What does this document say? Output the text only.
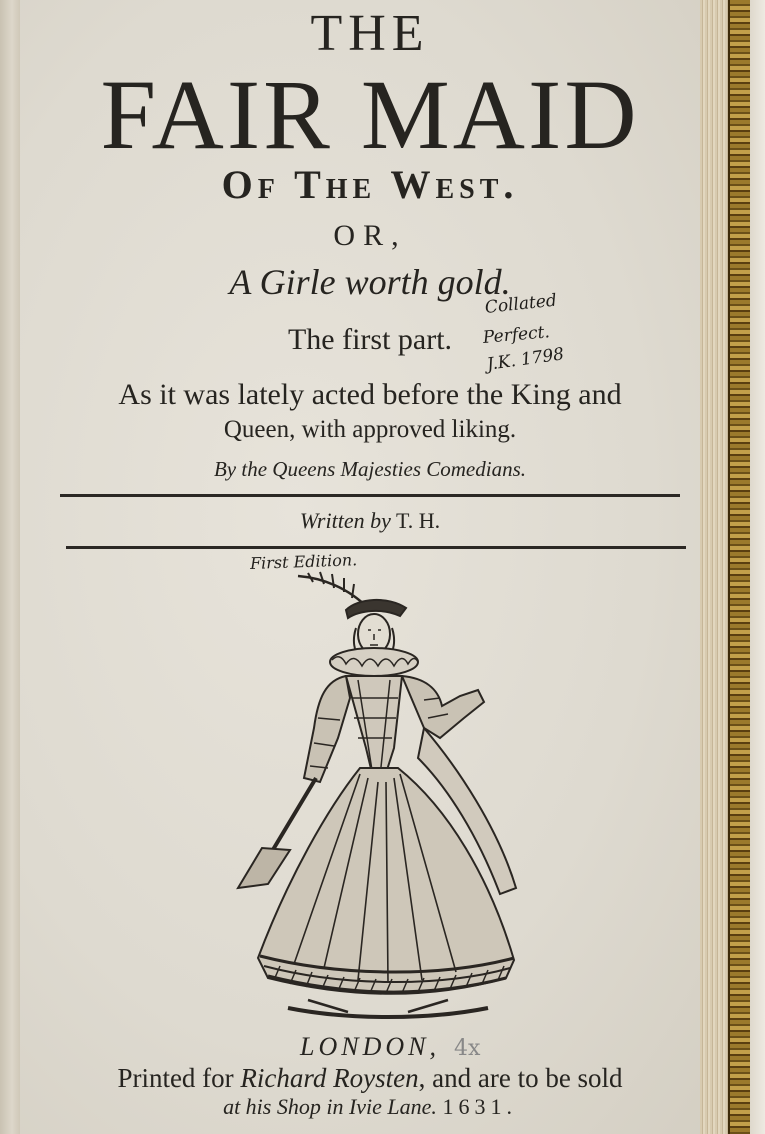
THE
FAIR MAID
Of The West.
OR,
A Girle worth gold.
The first part.
Collated
Perfect.
J.K. 1798
As it was lately acted before the King and
Queen, with approved liking.
By the Queens Majesties Comedians.
Written by T. H.
First Edition.
LONDON, 4x
Printed for Richard Roysten, and are to be sold
at his Shop in Ivie Lane. 1631.
